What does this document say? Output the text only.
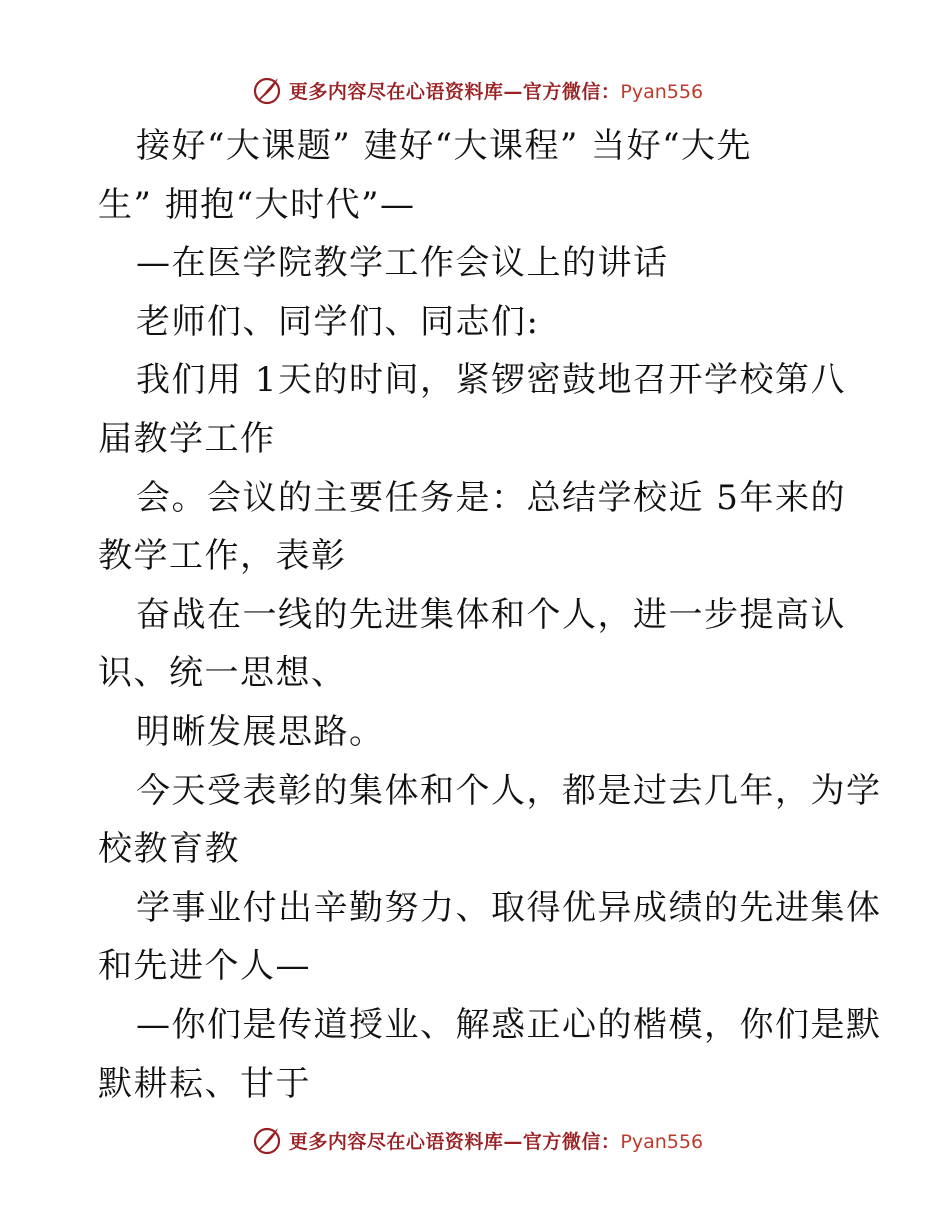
更多内容尽在心语资料库—官方微信：Pyan556
接好“大课题” 建好“大课程” 当好“大先
生” 拥抱“大时代”—
—在医学院教学工作会议上的讲话
老师们、同学们、同志们:
我们用 1天的时间，紧锣密鼓地召开学校第八
届教学工作
会。会议的主要任务是：总结学校近 5年来的
教学工作，表彰
奋战在一线的先进集体和个人，进一步提高认
识、统一思想、
明晰发展思路。
今天受表彰的集体和个人，都是过去几年，为学
校教育教
学事业付出辛勤努力、取得优异成绩的先进集体
和先进个人—
—你们是传道授业、解惑正心的楷模，你们是默
默耕耘、甘于
更多内容尽在心语资料库—官方微信：Pyan556
